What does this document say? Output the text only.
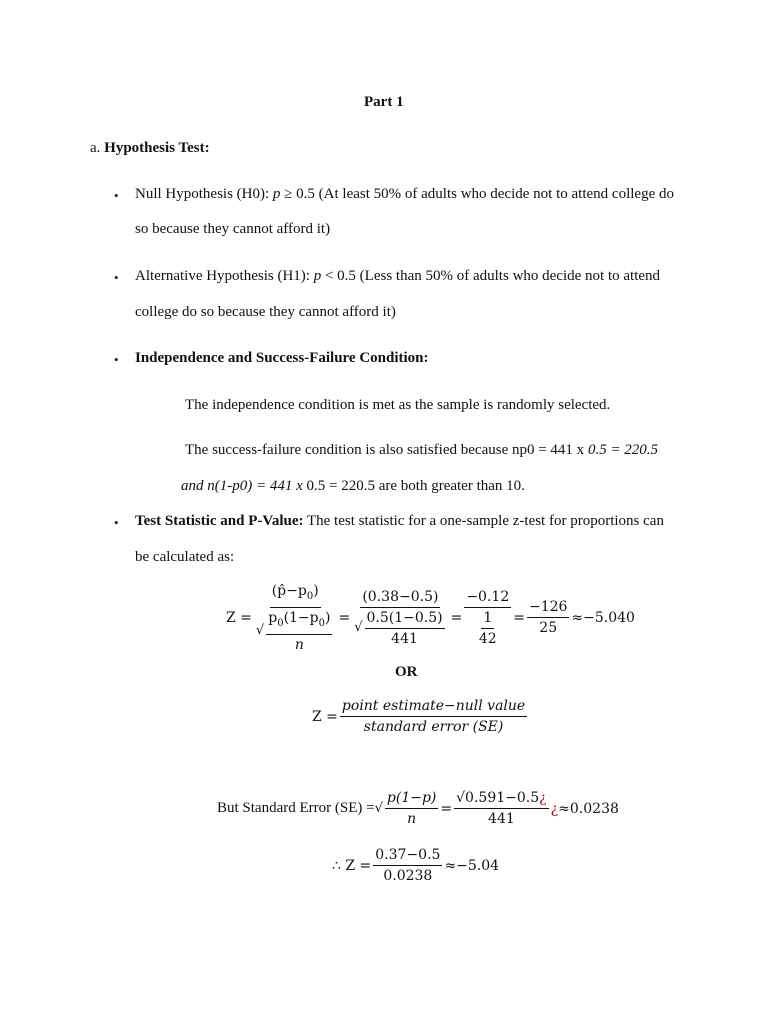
Part 1
a. Hypothesis Test:
• Null Hypothesis (H0): p ≥ 0.5 (At least 50% of adults who decide not to attend college do
so because they cannot afford it)
• Alternative Hypothesis (H1): p < 0.5 (Less than 50% of adults who decide not to attend
college do so because they cannot afford it)
• Independence and Success-Failure Condition:
The independence condition is met as the sample is randomly selected.
The success-failure condition is also satisfied because np0 = 441 x 0.5 = 220.5
and n(1-p0) = 441 x 0.5 = 220.5 are both greater than 10.
• Test Statistic and P-Value: The test statistic for a one-sample z-test for proportions can
be calculated as:
$Z = \frac{(p̂-p_0)}{√ \frac{p_0(1-p_0)}{n}} = \frac{(0.38-0.5)}{√ \frac{0.5(1-0.5)}{441}} = \frac{-0.12}{\frac{1}{42}} = \frac{-126}{25} \approx-5.040$
OR
$Z = \frac{\text{point estimate−null value}}{\text{standard error (SE)}}$
But Standard Error (SE) = √ $\frac{p(1-p)}{n} = \frac{√0.591-0.5¿}{441}$ ¿ ≈0.0238
∴ $Z = \frac{0.37-0.5}{0.0238} \approx-5.04$
